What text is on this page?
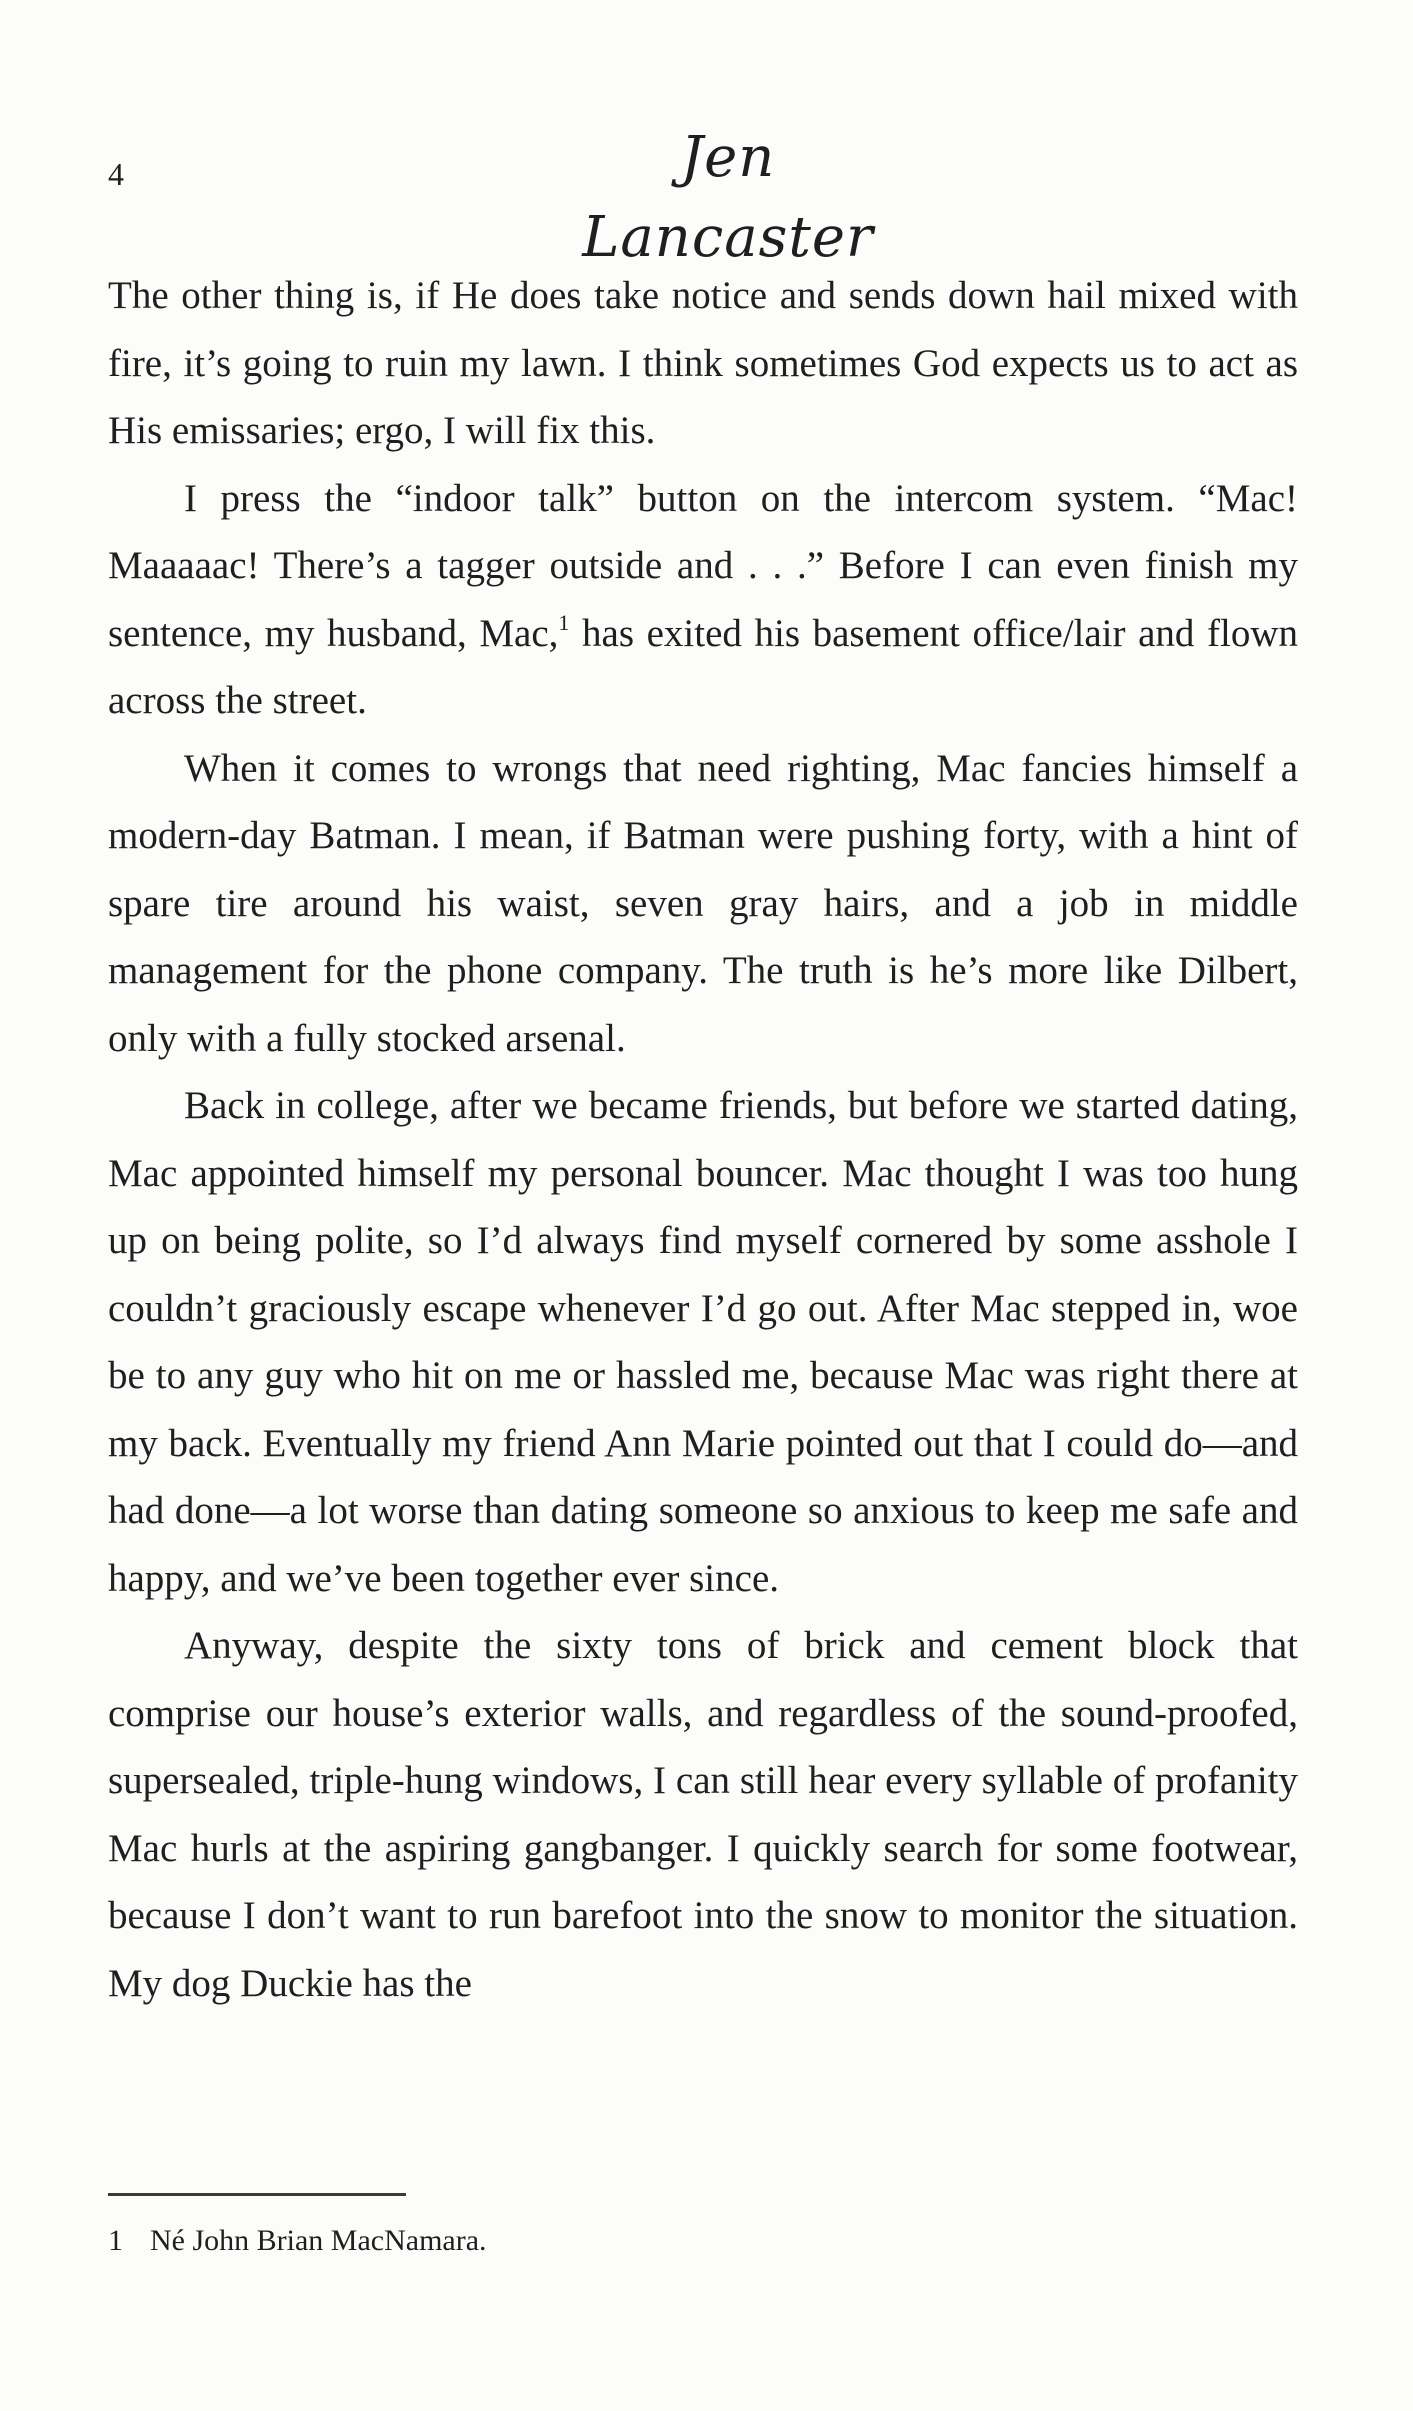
4	Jen Lancaster

The other thing is, if He does take notice and sends down hail mixed with fire, it’s going to ruin my lawn. I think sometimes God expects us to act as His emissaries; ergo, I will fix this.

I press the “indoor talk” button on the intercom system. “Mac! Maaaaac! There’s a tagger outside and . . .” Before I can even finish my sentence, my husband, Mac,$^1$ has exited his basement office/lair and flown across the street.

When it comes to wrongs that need righting, Mac fancies himself a modern-day Batman. I mean, if Batman were pushing forty, with a hint of spare tire around his waist, seven gray hairs, and a job in middle management for the phone company. The truth is he’s more like Dilbert, only with a fully stocked arsenal.

Back in college, after we became friends, but before we started dating, Mac appointed himself my personal bouncer. Mac thought I was too hung up on being polite, so I’d always find myself cornered by some asshole I couldn’t graciously escape whenever I’d go out. After Mac stepped in, woe be to any guy who hit on me or hassled me, because Mac was right there at my back. Eventually my friend Ann Marie pointed out that I could do—and had done—a lot worse than dating someone so anxious to keep me safe and happy, and we’ve been together ever since.

Anyway, despite the sixty tons of brick and cement block that comprise our house’s exterior walls, and regardless of the sound-proofed, supersealed, triple-hung windows, I can still hear every syllable of profanity Mac hurls at the aspiring gangbanger. I quickly search for some footwear, because I don’t want to run barefoot into the snow to monitor the situation. My dog Duckie has the

1 Né John Brian MacNamara.
